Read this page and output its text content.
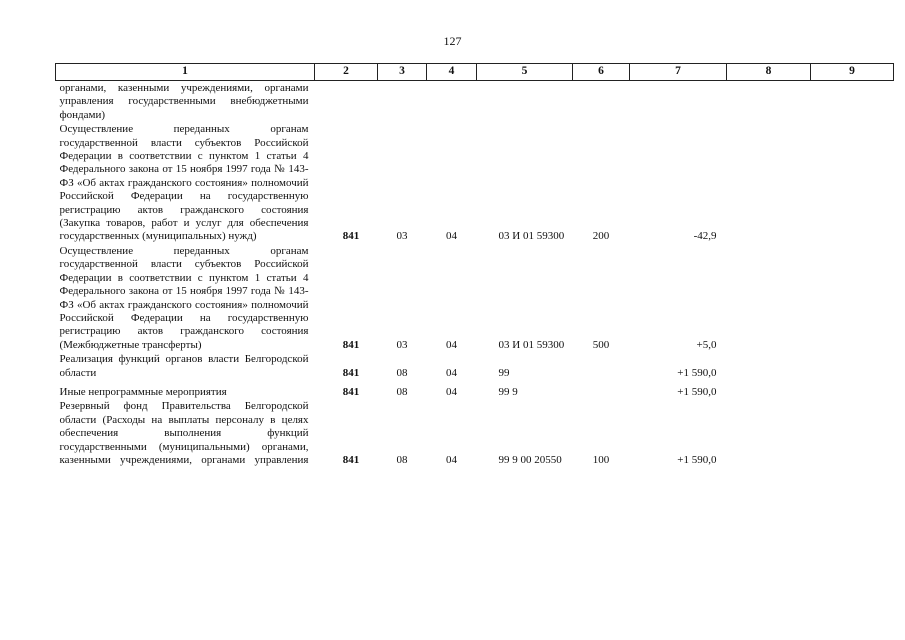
127
1	2	3	4	5	6	7	8	9
органами, казенными учреждениями, органами управления государственными внебюджетными фондами)								
Осуществление переданных органам государственной власти субъектов Российской Федерации в соответствии с пунктом 1 статьи 4 Федерального закона от 15 ноября 1997 года № 143-ФЗ «Об актах гражданского состояния» полномочий Российской Федерации на государственную регистрацию актов гражданского состояния (Закупка товаров, работ и услуг для обеспечения государственных (муниципальных) нужд)	841	03	04	03 И 01 59300	200	-42,9		
Осуществление переданных органам государственной власти субъектов Российской Федерации в соответствии с пунктом 1 статьи 4 Федерального закона от 15 ноября 1997 года № 143-ФЗ «Об актах гражданского состояния» полномочий Российской Федерации на государственную регистрацию актов гражданского состояния (Межбюджетные трансферты)	841	03	04	03 И 01 59300	500	+5,0		
Реализация функций органов власти Белгородской области	841	08	04	99		+1 590,0		
Иные непрограммные мероприятия	841	08	04	99 9		+1 590,0		
Резервный фонд Правительства Белгородской области (Расходы на выплаты персоналу в целях обеспечения выполнения функций государственными (муниципальными) органами, казенными учреждениями, органами управления	841	08	04	99 9 00 20550	100	+1 590,0		
